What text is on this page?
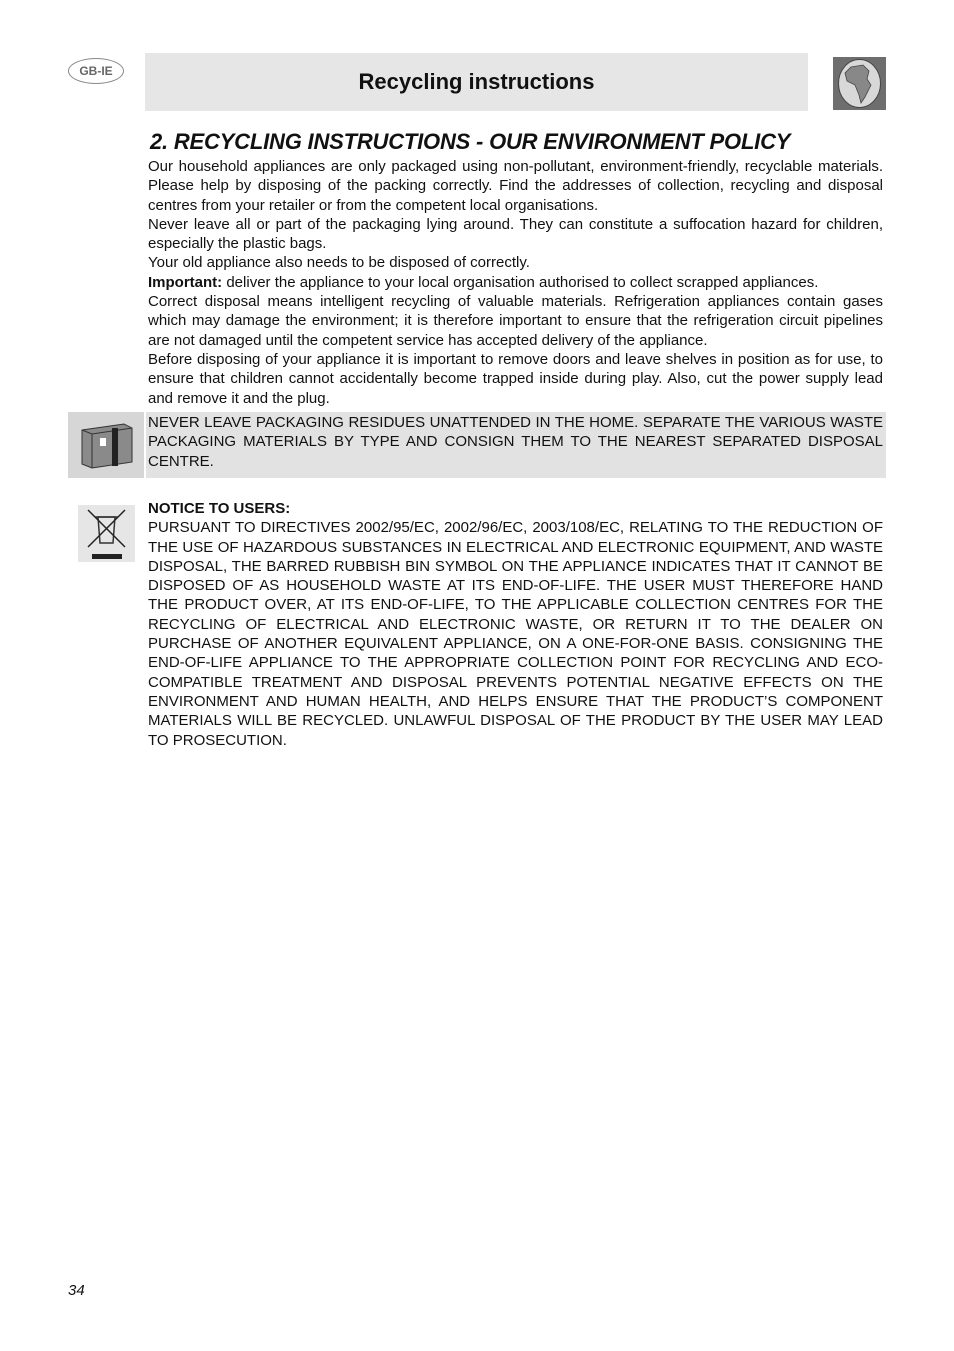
GB-IE	Recycling instructions
2. RECYCLING INSTRUCTIONS - OUR ENVIRONMENT POLICY

Our household appliances are only packaged using non-pollutant, environment-friendly, recyclable materials. Please help by disposing of the packing correctly. Find the addresses of collection, recycling and disposal centres from your retailer or from the competent local organisations.

Never leave all or part of the packaging lying around. They can constitute a suffocation hazard for children, especially the plastic bags.

Your old appliance also needs to be disposed of correctly.

Important: deliver the appliance to your local organisation authorised to collect scrapped appliances.

Correct disposal means intelligent recycling of valuable materials. Refrigeration appliances contain gases which may damage the environment; it is therefore important to ensure that the refrigeration circuit pipelines are not damaged until the competent service has accepted delivery of the appliance.

Before disposing of your appliance it is important to remove doors and leave shelves in position as for use, to ensure that children cannot accidentally become trapped inside during play. Also, cut the power supply lead and remove it and the plug.

NEVER LEAVE PACKAGING RESIDUES UNATTENDED IN THE HOME. SEPARATE THE VARIOUS WASTE PACKAGING MATERIALS BY TYPE AND CONSIGN THEM TO THE NEAREST SEPARATED DISPOSAL CENTRE.

NOTICE TO USERS:

PURSUANT TO DIRECTIVES 2002/95/EC, 2002/96/EC, 2003/108/EC, RELATING TO THE REDUCTION OF THE USE OF HAZARDOUS SUBSTANCES IN ELECTRICAL AND ELECTRONIC EQUIPMENT, AND WASTE DISPOSAL, THE BARRED RUBBISH BIN SYMBOL ON THE APPLIANCE INDICATES THAT IT CANNOT BE DISPOSED OF AS HOUSEHOLD WASTE AT ITS END-OF-LIFE. THE USER MUST THEREFORE HAND THE PRODUCT OVER, AT ITS END-OF-LIFE, TO THE APPLICABLE COLLECTION CENTRES FOR THE RECYCLING OF ELECTRICAL AND ELECTRONIC WASTE, OR RETURN IT TO THE DEALER ON PURCHASE OF ANOTHER EQUIVALENT APPLIANCE, ON A ONE-FOR-ONE BASIS. CONSIGNING THE END-OF-LIFE APPLIANCE TO THE APPROPRIATE COLLECTION POINT FOR RECYCLING AND ECO-COMPATIBLE TREATMENT AND DISPOSAL PREVENTS POTENTIAL NEGATIVE EFFECTS ON THE ENVIRONMENT AND HUMAN HEALTH, AND HELPS ENSURE THAT THE PRODUCT’S COMPONENT MATERIALS WILL BE RECYCLED. UNLAWFUL DISPOSAL OF THE PRODUCT BY THE USER MAY LEAD TO PROSECUTION.

34
